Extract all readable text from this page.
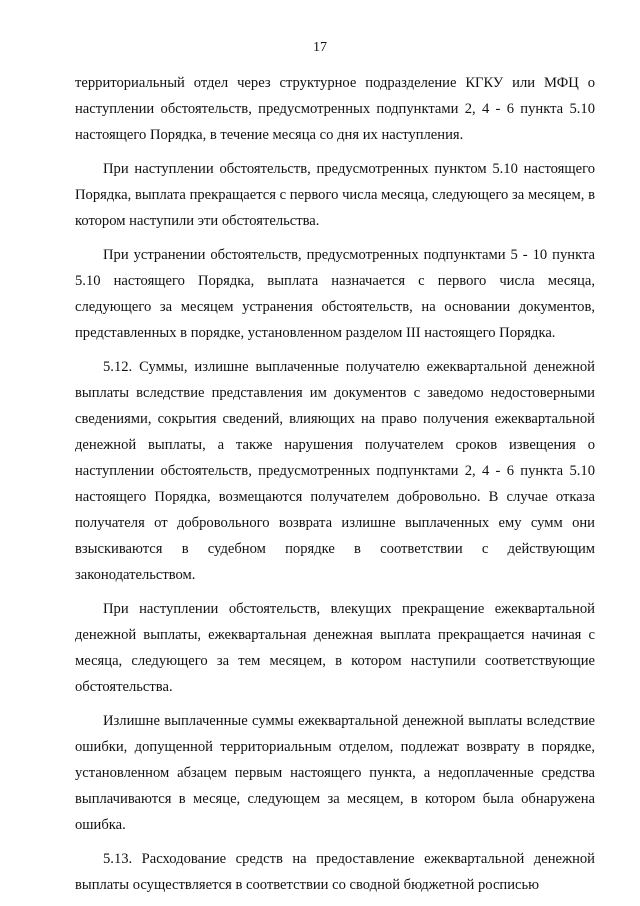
17

территориальный отдел через структурное подразделение КГКУ или МФЦ о наступлении обстоятельств, предусмотренных подпунктами 2, 4 - 6 пункта 5.10 настоящего Порядка, в течение месяца со дня их наступления.

При наступлении обстоятельств, предусмотренных пунктом 5.10 настоящего Порядка, выплата прекращается с первого числа месяца, следующего за месяцем, в котором наступили эти обстоятельства.

При устранении обстоятельств, предусмотренных подпунктами 5 - 10 пункта 5.10 настоящего Порядка, выплата назначается с первого числа месяца, следующего за месяцем устранения обстоятельств, на основании документов, представленных в порядке, установленном разделом III настоящего Порядка.

5.12. Суммы, излишне выплаченные получателю ежеквартальной денежной выплаты вследствие представления им документов с заведомо недостоверными сведениями, сокрытия сведений, влияющих на право получения ежеквартальной денежной выплаты, а также нарушения получателем сроков извещения о наступлении обстоятельств, предусмотренных подпунктами 2, 4 - 6 пункта 5.10 настоящего Порядка, возмещаются получателем добровольно. В случае отказа получателя от добровольного возврата излишне выплаченных ему сумм они взыскиваются в судебном порядке в соответствии с действующим законодательством.

При наступлении обстоятельств, влекущих прекращение ежеквартальной денежной выплаты, ежеквартальная денежная выплата прекращается начиная с месяца, следующего за тем месяцем, в котором наступили соответствующие обстоятельства.

Излишне выплаченные суммы ежеквартальной денежной выплаты вследствие ошибки, допущенной территориальным отделом, подлежат возврату в порядке, установленном абзацем первым настоящего пункта, а недоплаченные средства выплачиваются в месяце, следующем за месяцем, в котором была обнаружена ошибка.

5.13. Расходование средств на предоставление ежеквартальной денежной выплаты осуществляется в соответствии со сводной бюджетной росписью
